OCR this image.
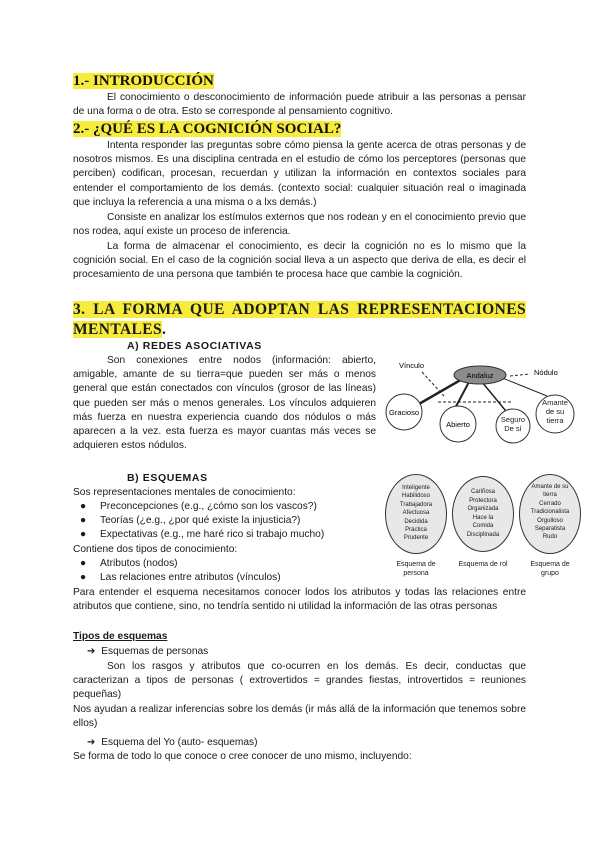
1.- INTRODUCCIÓN

El conocimiento o desconocimiento de información puede atribuir a las personas a pensar de una forma o de otra. Esto se corresponde al pensamiento cognitivo.

2.- ¿QUÉ ES LA COGNICIÓN SOCIAL?

Intenta responder las preguntas sobre cómo piensa la gente acerca de otras personas y de nosotros mismos. Es una disciplina centrada en el estudio de cómo los perceptores (personas que perciben) codifican, procesan, recuerdan y utilizan la información en contextos sociales para entender el comportamiento de los demás. (contexto social: cualquier situación real o imaginada que incluya la referencia a una misma o a lxs demás.)

Consiste en analizar los estímulos externos que nos rodean y en el conocimiento previo que nos rodea, aquí existe un proceso de inferencia.

La forma de almacenar el conocimiento, es decir la cognición no es lo mismo que la cognición social. En el caso de la cognición social lleva a un aspecto que deriva de ella, es decir el procesamiento de una persona que también te procesa hace que cambie la cognición.

3. LA FORMA QUE ADOPTAN LAS REPRESENTACIONES MENTALES.

A) REDES ASOCIATIVAS

Son conexiones entre nodos (información: abierto, amigable, amante de su tierra=que pueden ser más o menos general que están conectados con vínculos (grosor de las líneas) que pueden ser más o menos generales. Los vínculos adquieren más fuerza en nuestra experiencia cuando dos nódulos o más aparecen a la vez. esta fuerza es mayor cuantas más veces se adquieren estos nódulos.

Andaluz
Vínculo
Nódulo
Gracioso
Abierto
Seguro De sí
Amante de su tierra

B) ESQUEMAS

Sos representaciones mentales de conocimiento:

● Preconcepciones (e.g., ¿cómo son los vascos?)

● Teorías (¿e.g., ¿por qué existe la injusticia?)

● Expectativas (e.g., me haré rico si trabajo mucho)

Contiene dos tipos de conocimiento:

● Atributos (nodos)

● Las relaciones entre atributos (vínculos)

Inteligente
Habilidoso
Trabajadora
Afectuosa
Decidida
Práctica
Prudente
Cariñosa
Protectora
Organizada
Hace la
Comida
Disciplinada
Amante de su tierra
Cerrado
Tradicionalista
Orgulloso
Separatista
Rudo
Esquema de persona
Esquema de rol	Esquema de grupo

Para entender el esquema necesitamos conocer lodos los atributos y todas las relaciones entre atributos que contiene, sino, no tendría sentido ni utilidad la información de las otras personas

Tipos de esquemas

➔ Esquemas de personas

Son los rasgos y atributos que co-ocurren en los demás. Es decir, conductas que caracterizan a tipos de personas ( extrovertidos = grandes fiestas, introvertidos = reuniones pequeñas)

Nos ayudan a realizar inferencias sobre los demás (ir más allá de la información que tenemos sobre ellos)

➔ Esquema del Yo (auto- esquemas)

Se forma de todo lo que conoce o cree conocer de uno mismo, incluyendo:
